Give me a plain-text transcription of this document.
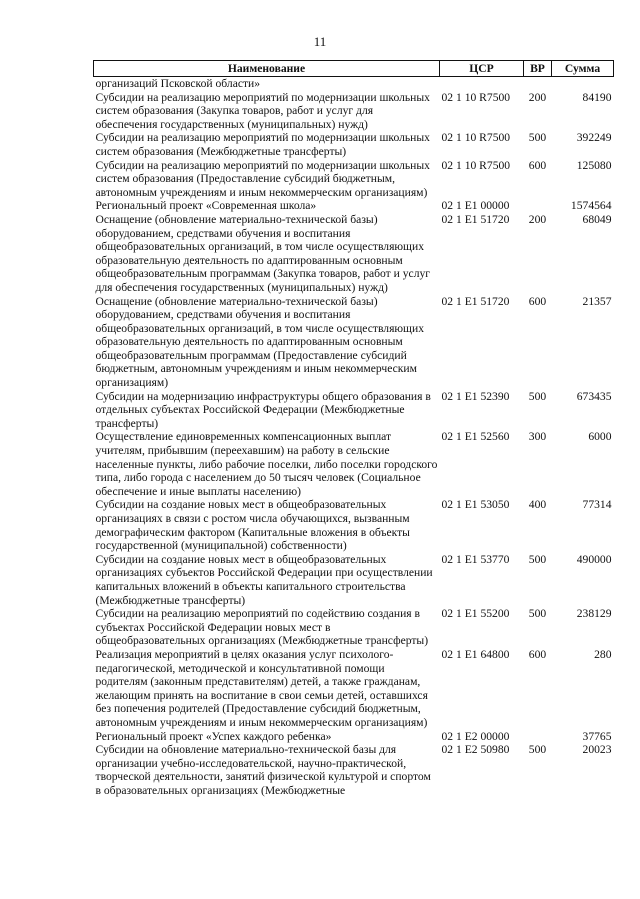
11
Наименование	ЦСР	ВР	Сумма
организаций Псковской области»			
Субсидии на реализацию мероприятий по модернизации школьных систем образования (Закупка товаров, работ и услуг для обеспечения государственных (муниципальных) нужд)	02 1 10 R7500	200	84190
Субсидии на реализацию мероприятий по модернизации школьных систем образования (Межбюджетные трансферты)	02 1 10 R7500	500	392249
Субсидии на реализацию мероприятий по модернизации школьных систем образования (Предоставление субсидий бюджетным, автономным учреждениям и иным некоммерческим организациям)	02 1 10 R7500	600	125080
Региональный проект «Современная школа»	02 1 E1 00000		1574564
Оснащение (обновление материально-технической базы) оборудованием, средствами обучения и воспитания общеобразовательных организаций, в том числе осуществляющих образовательную деятельность по адаптированным основным общеобразовательным программам (Закупка товаров, работ и услуг для обеспечения государственных (муниципальных) нужд)	02 1 E1 51720	200	68049
Оснащение (обновление материально-технической базы) оборудованием, средствами обучения и воспитания общеобразовательных организаций, в том числе осуществляющих образовательную деятельность по адаптированным основным общеобразовательным программам (Предоставление субсидий бюджетным, автономным учреждениям и иным некоммерческим организациям)	02 1 E1 51720	600	21357
Субсидии на модернизацию инфраструктуры общего образования в отдельных субъектах Российской Федерации (Межбюджетные трансферты)	02 1 E1 52390	500	673435
Осуществление единовременных компенсационных выплат учителям, прибывшим (переехавшим) на работу в сельские населенные пункты, либо рабочие поселки, либо поселки городского типа, либо города с населением до 50 тысяч человек (Социальное обеспечение и иные выплаты населению)	02 1 E1 52560	300	6000
Субсидии на создание новых мест в общеобразовательных организациях в связи с ростом числа обучающихся, вызванным демографическим фактором (Капитальные вложения в объекты государственной (муниципальной) собственности)	02 1 E1 53050	400	77314
Субсидии на создание новых мест в общеобразовательных организациях субъектов Российской Федерации при осуществлении капитальных вложений в объекты капитального строительства (Межбюджетные трансферты)	02 1 E1 53770	500	490000
Субсидии на реализацию мероприятий по содействию создания в субъектах Российской Федерации новых мест в общеобразовательных организациях (Межбюджетные трансферты)	02 1 E1 55200	500	238129
Реализация мероприятий в целях оказания услуг психолого-педагогической, методической и консультативной помощи родителям (законным представителям) детей, а также гражданам, желающим принять на воспитание в свои семьи детей, оставшихся без попечения родителей (Предоставление субсидий бюджетным, автономным учреждениям и иным некоммерческим организациям)	02 1 E1 64800	600	280
Региональный проект «Успех каждого ребенка»	02 1 E2 00000		37765
Субсидии на обновление материально-технической базы для организации учебно-исследовательской, научно-практической, творческой деятельности, занятий физической культурой и спортом в образовательных организациях (Межбюджетные	02 1 E2 50980	500	20023
